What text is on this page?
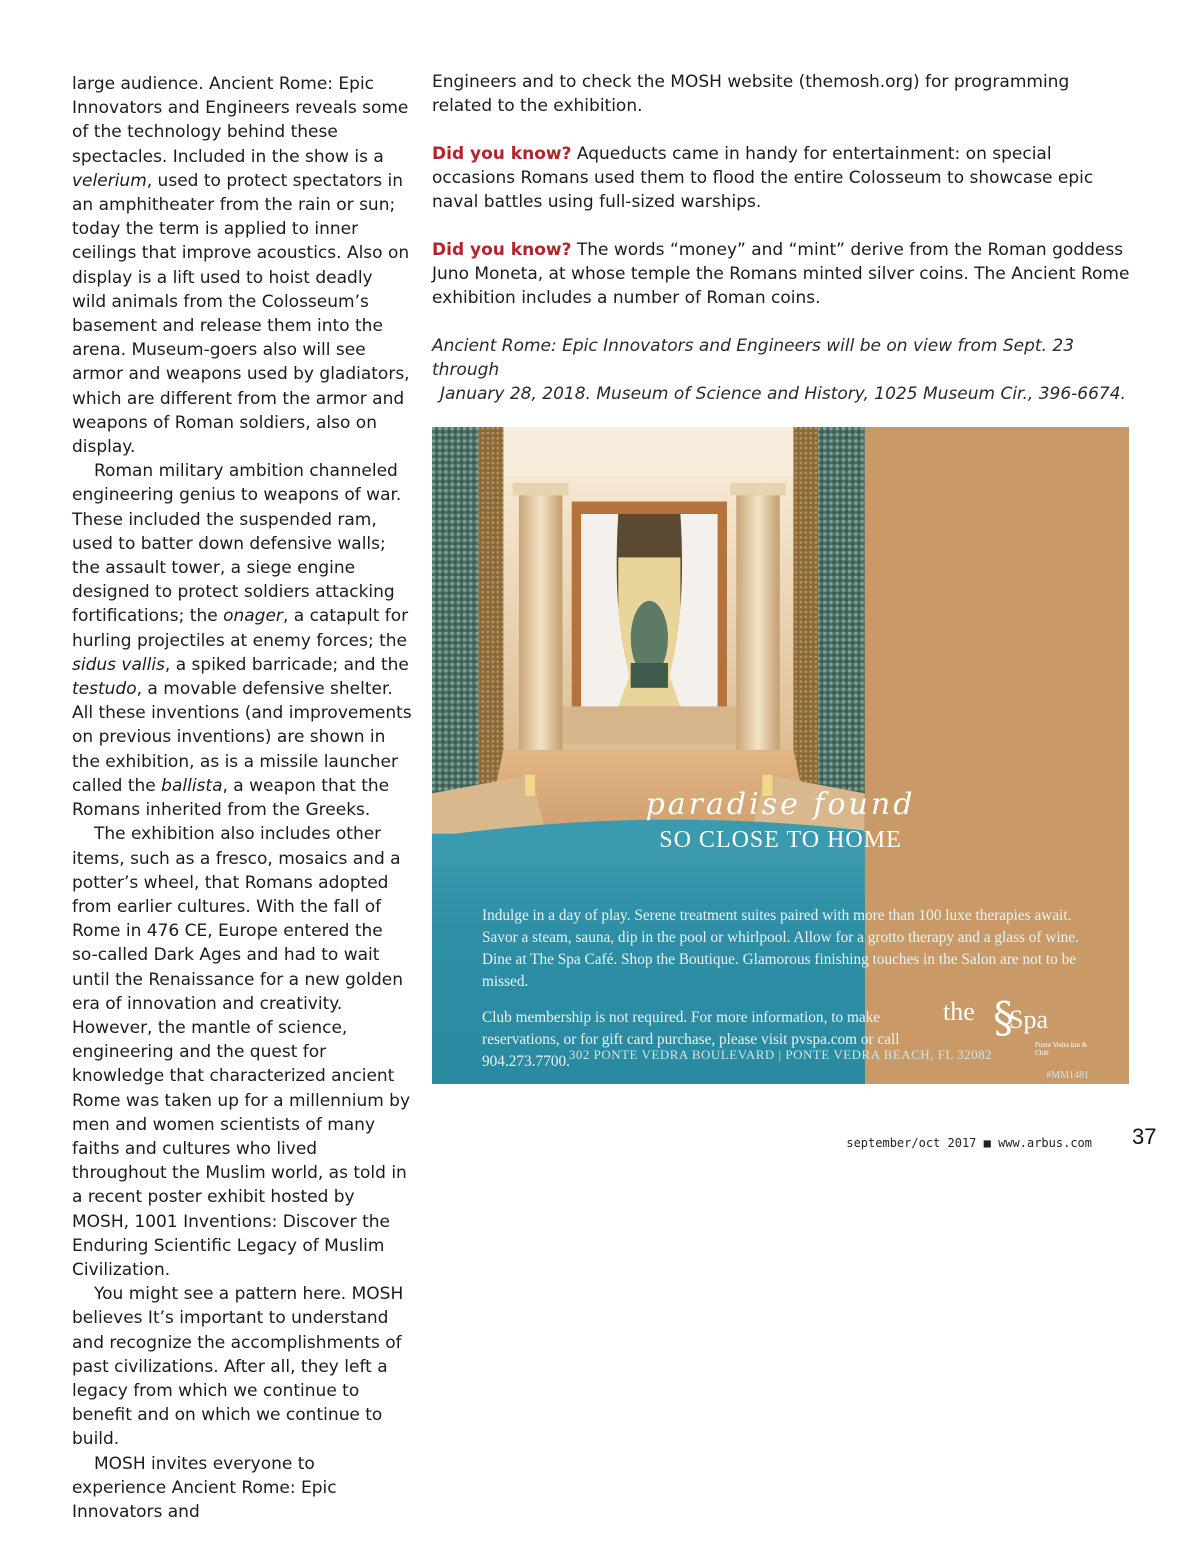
large audience. Ancient Rome: Epic Innovators and Engineers reveals some of the technology behind these spectacles. Included in the show is a velerium, used to protect spectators in an amphitheater from the rain or sun; today the term is applied to inner ceilings that improve acoustics. Also on display is a lift used to hoist deadly wild animals from the Colosseum’s basement and release them into the arena. Museum-goers also will see armor and weapons used by gladiators, which are different from the armor and weapons of Roman soldiers, also on display.

Roman military ambition channeled engineering genius to weapons of war. These included the suspended ram, used to batter down defensive walls; the assault tower, a siege engine designed to protect soldiers attacking fortifications; the onager, a catapult for hurling projectiles at enemy forces; the sidus vallis, a spiked barricade; and the testudo, a movable defensive shelter. All these inventions (and improvements on previous inventions) are shown in the exhibition, as is a missile launcher called the ballista, a weapon that the Romans inherited from the Greeks.

The exhibition also includes other items, such as a fresco, mosaics and a potter’s wheel, that Romans adopted from earlier cultures. With the fall of Rome in 476 CE, Europe entered the so-called Dark Ages and had to wait until the Renaissance for a new golden era of innovation and creativity. However, the mantle of science, engineering and the quest for knowledge that characterized ancient Rome was taken up for a millennium by men and women scientists of many faiths and cultures who lived throughout the Muslim world, as told in a recent poster exhibit hosted by MOSH, 1001 Inventions: Discover the Enduring Scientific Legacy of Muslim Civilization.

You might see a pattern here. MOSH believes It’s important to understand and recognize the accomplishments of past civilizations. After all, they left a legacy from which we continue to benefit and on which we continue to build.

MOSH invites everyone to experience Ancient Rome: Epic Innovators and

Engineers and to check the MOSH website (themosh.org) for programming related to the exhibition.

Did you know? Aqueducts came in handy for entertainment: on special occasions Romans used them to flood the entire Colosseum to showcase epic naval battles using full-sized warships.

Did you know? The words “money” and “mint” derive from the Roman goddess Juno Moneta, at whose temple the Romans minted silver coins. The Ancient Rome exhibition includes a number of Roman coins.

Ancient Rome: Epic Innovators and Engineers will be on view from Sept. 23 through
January 28, 2018. Museum of Science and History, 1025 Museum Cir., 396-6674.

paradise found
SO CLOSE TO HOME
Indulge in a day of play. Serene treatment suites paired with more than 100 luxe therapies await. Savor a steam, sauna, dip in the pool or whirlpool. Allow for a grotto therapy and a glass of wine. Dine at The Spa Café. Shop the Boutique. Glamorous finishing touches in the Salon are not to be missed.
Club membership is not required. For more information, to make reservations, or for gift card purchase, please visit pvspa.com or call 904.273.7700.
the §
Spa
Ponte Vedra Inn & Club
302 PONTE VEDRA BOULEVARD | PONTE VEDRA BEACH, FL 32082
#MM1481
september/oct 2017 ■ www.arbus.com 37
